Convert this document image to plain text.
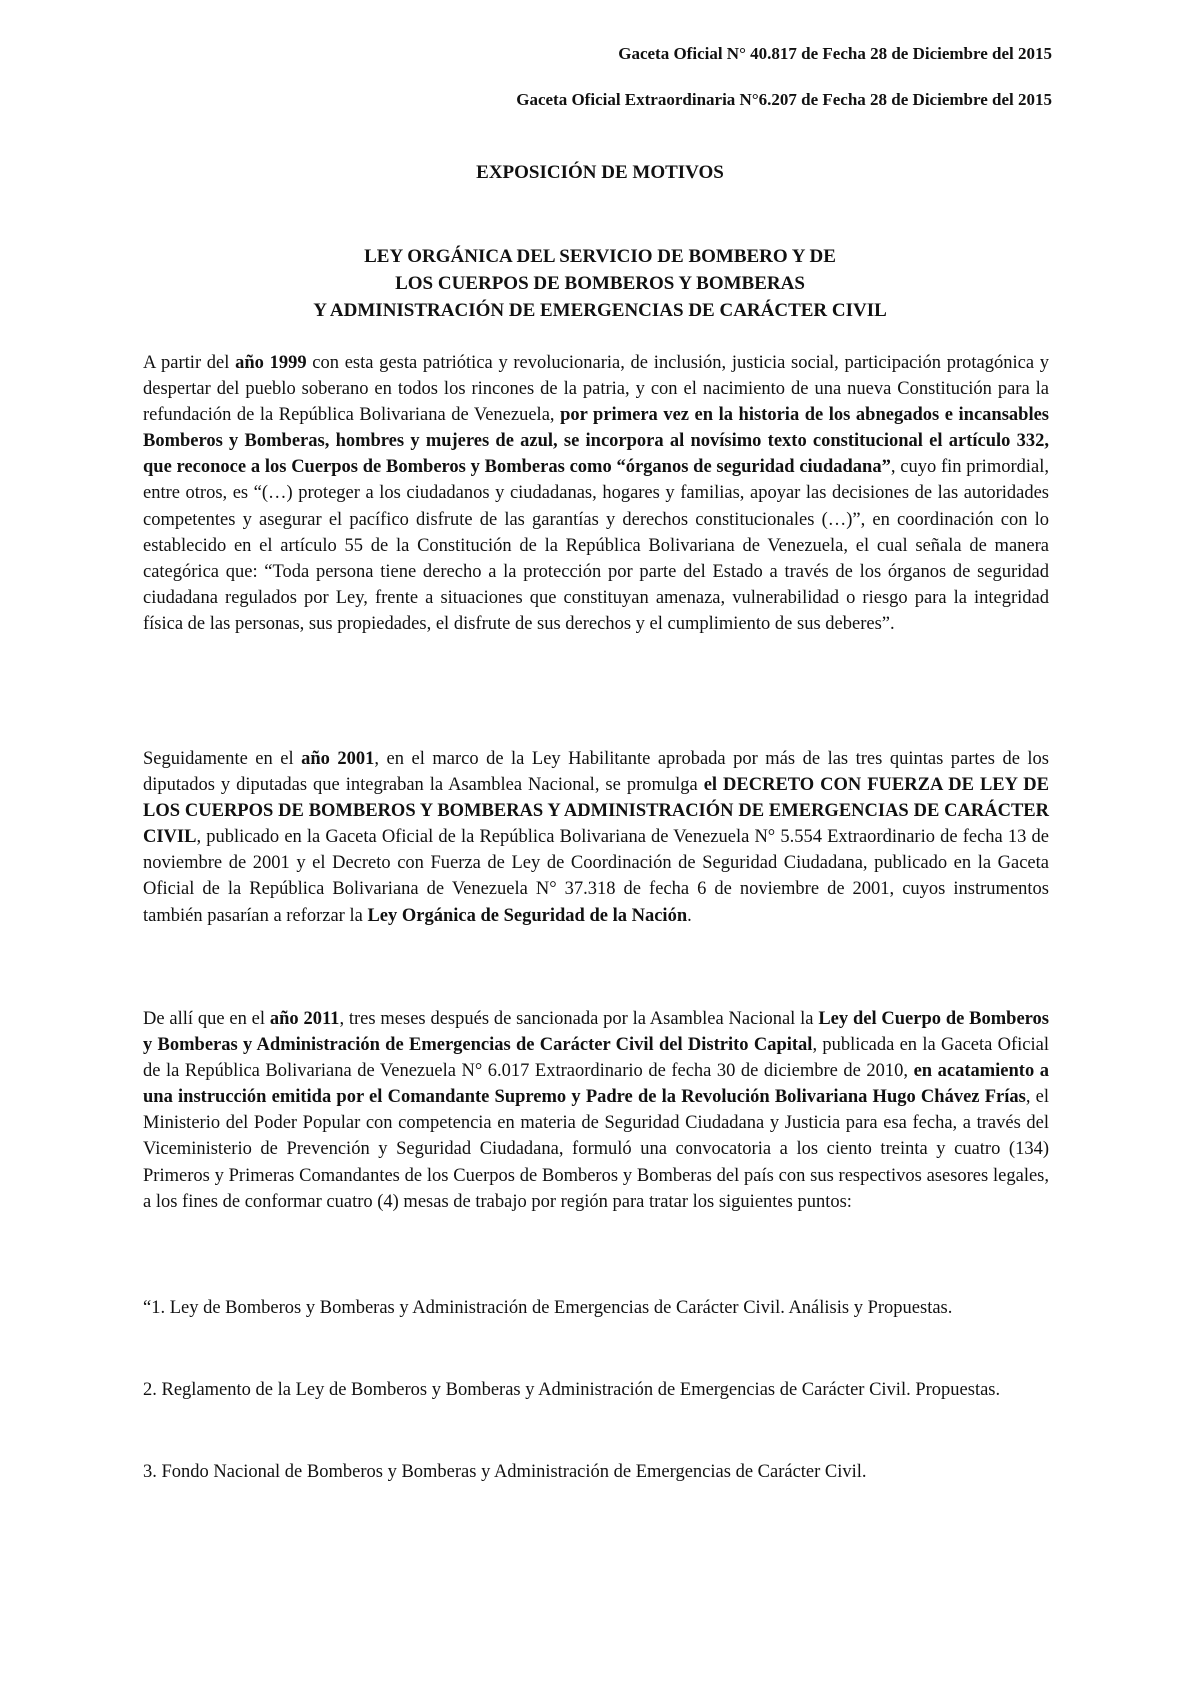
Gaceta Oficial N° 40.817 de Fecha 28 de Diciembre del 2015
Gaceta Oficial Extraordinaria N°6.207 de Fecha 28 de Diciembre del 2015
EXPOSICIÓN DE MOTIVOS
LEY ORGÁNICA DEL SERVICIO DE BOMBERO Y DE
LOS CUERPOS DE BOMBEROS Y BOMBERAS
Y ADMINISTRACIÓN DE EMERGENCIAS DE CARÁCTER CIVIL

A partir del año 1999 con esta gesta patriótica y revolucionaria, de inclusión, justicia social, participación protagónica y despertar del pueblo soberano en todos los rincones de la patria, y con el nacimiento de una nueva Constitución para la refundación de la República Bolivariana de Venezuela, por primera vez en la historia de los abnegados e incansables Bomberos y Bomberas, hombres y mujeres de azul, se incorpora al novísimo texto constitucional el artículo 332, que reconoce a los Cuerpos de Bomberos y Bomberas como “órganos de seguridad ciudadana”, cuyo fin primordial, entre otros, es “(…) proteger a los ciudadanos y ciudadanas, hogares y familias, apoyar las decisiones de las autoridades competentes y asegurar el pacífico disfrute de las garantías y derechos constitucionales (…)”, en coordinación con lo establecido en el artículo 55 de la Constitución de la República Bolivariana de Venezuela, el cual señala de manera categórica que: “Toda persona tiene derecho a la protección por parte del Estado a través de los órganos de seguridad ciudadana regulados por Ley, frente a situaciones que constituyan amenaza, vulnerabilidad o riesgo para la integridad física de las personas, sus propiedades, el disfrute de sus derechos y el cumplimiento de sus deberes”.

Seguidamente en el año 2001, en el marco de la Ley Habilitante aprobada por más de las tres quintas partes de los diputados y diputadas que integraban la Asamblea Nacional, se promulga el DECRETO CON FUERZA DE LEY DE LOS CUERPOS DE BOMBEROS Y BOMBERAS Y ADMINISTRACIÓN DE EMERGENCIAS DE CARÁCTER CIVIL, publicado en la Gaceta Oficial de la República Bolivariana de Venezuela N° 5.554 Extraordinario de fecha 13 de noviembre de 2001 y el Decreto con Fuerza de Ley de Coordinación de Seguridad Ciudadana, publicado en la Gaceta Oficial de la República Bolivariana de Venezuela N° 37.318 de fecha 6 de noviembre de 2001, cuyos instrumentos también pasarían a reforzar la Ley Orgánica de Seguridad de la Nación.

De allí que en el año 2011, tres meses después de sancionada por la Asamblea Nacional la Ley del Cuerpo de Bomberos y Bomberas y Administración de Emergencias de Carácter Civil del Distrito Capital, publicada en la Gaceta Oficial de la República Bolivariana de Venezuela N° 6.017 Extraordinario de fecha 30 de diciembre de 2010, en acatamiento a una instrucción emitida por el Comandante Supremo y Padre de la Revolución Bolivariana Hugo Chávez Frías, el Ministerio del Poder Popular con competencia en materia de Seguridad Ciudadana y Justicia para esa fecha, a través del Viceministerio de Prevención y Seguridad Ciudadana, formuló una convocatoria a los ciento treinta y cuatro (134) Primeros y Primeras Comandantes de los Cuerpos de Bomberos y Bomberas del país con sus respectivos asesores legales, a los fines de conformar cuatro (4) mesas de trabajo por región para tratar los siguientes puntos:

“1. Ley de Bomberos y Bomberas y Administración de Emergencias de Carácter Civil. Análisis y Propuestas.

2. Reglamento de la Ley de Bomberos y Bomberas y Administración de Emergencias de Carácter Civil. Propuestas.

3. Fondo Nacional de Bomberos y Bomberas y Administración de Emergencias de Carácter Civil.
